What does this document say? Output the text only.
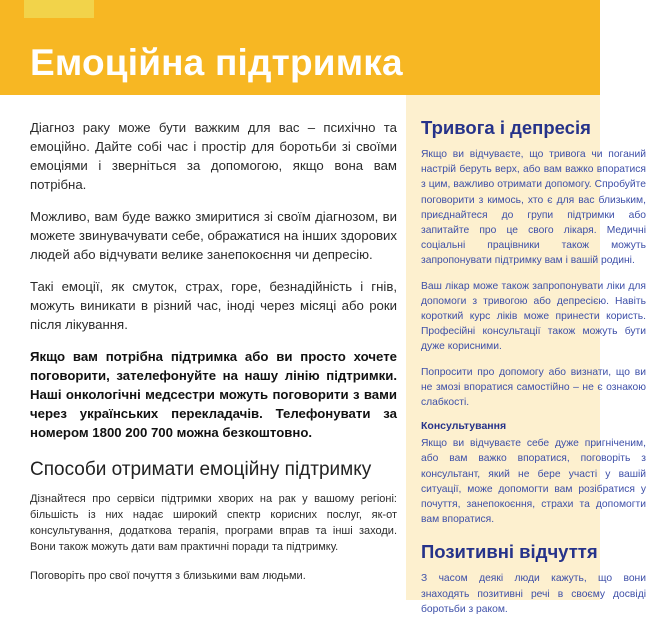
Емоційна підтримка

Діагноз раку може бути важким для вас – психічно та емоційно. Дайте собі час і простір для боротьби зі своїми емоціями і зверніться за допомогою, якщо вона вам потрібна.

Можливо, вам буде важко змиритися зі своїм діагнозом, ви можете звинувачувати себе, ображатися на інших здорових людей або відчувати велике занепокоєння чи депресію.

Такі емоції, як смуток, страх, горе, безнадійність і гнів, можуть виникати в різний час, іноді через місяці або роки після лікування.

Якщо вам потрібна підтримка або ви просто хочете поговорити, зателефонуйте на нашу лінію підтримки. Наші онкологічні медсестри можуть поговорити з вами через українських перекладачів. Телефонувати за номером 1800 200 700 можна безкоштовно.

Способи отримати емоційну підтримку

Дізнайтеся про сервіси підтримки хворих на рак у вашому регіоні: більшість із них надає широкий спектр корисних послуг, як-от консультування, додаткова терапія, програми вправ та інші заходи. Вони також можуть дати вам практичні поради та підтримку.

Поговоріть про свої почуття з близькими вам людьми.

Тривога і депресія

Якщо ви відчуваєте, що тривога чи поганий настрій беруть верх, або вам важко впоратися з цим, важливо отримати допомогу. Спробуйте поговорити з кимось, хто є для вас близьким, приєднайтеся до групи підтримки або запитайте про це свого лікаря. Медичні соціальні працівники також можуть запропонувати підтримку вам і вашій родині.

Ваш лікар може також запропонувати ліки для допомоги з тривогою або депресією. Навіть короткий курс ліків може принести користь. Професійні консультації також можуть бути дуже корисними.

Попросити про допомогу або визнати, що ви не змозі впоратися самостійно – не є ознакою слабкості.

Консультування

Якщо ви відчуваєте себе дуже пригніченим, або вам важко впоратися, поговоріть з консультант, який не бере участі у вашій ситуації, може допомогти вам розібратися у почуття, занепокоєння, страхи та допомогти вам впоратися.

Позитивні відчуття

З часом деякі люди кажуть, що вони знаходять позитивні речі в своєму досвіді боротьби з раком.
